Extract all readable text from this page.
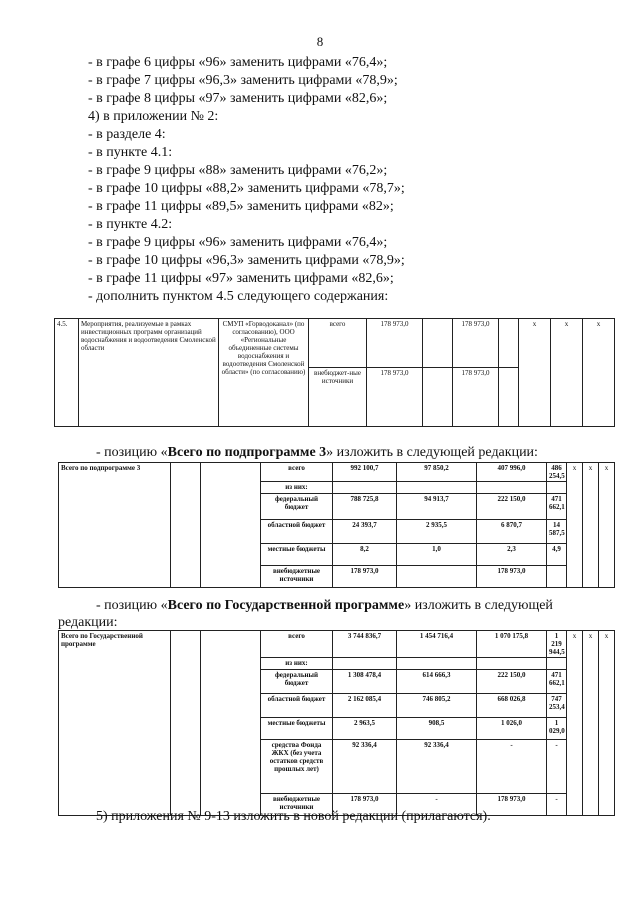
8
- в графе 6 цифры «96» заменить цифрами «76,4»;
- в графе 7 цифры «96,3» заменить цифрами «78,9»;
- в графе 8 цифры «97» заменить цифрами «82,6»;
4) в приложении № 2:
- в разделе 4:
- в пункте 4.1:
- в графе 9 цифры «88» заменить цифрами «76,2»;
- в графе 10 цифры «88,2» заменить цифрами «78,7»;
- в графе 11 цифры «89,5» заменить цифрами «82»;
- в пункте 4.2:
- в графе 9 цифры «96» заменить цифрами «76,4»;
- в графе 10 цифры «96,3» заменить цифрами «78,9»;
- в графе 11 цифры «97» заменить цифрами «82,6»;
- дополнить пунктом 4.5 следующего содержания:
4.5.	Мероприятия, реализуемые в рамках инвестиционных программ организаций водоснабжения и водоотведения Смоленской области	СМУП «Горводоканал» (по согласованию), ООО «Региональные объединенные системы водоснабжения и водоотведения Смоленской области» (по согласованию)	всего	178 973,0		178 973,0		х	х	х
			внебюджет-ные источники	178 973,0		178 973,0				
- позицию «Всего по подпрограмме 3» изложить в следующей редакции:
Всего по подпрограмме 3			всего	992 100,7	97 850,2	407 996,0	486 254,5	х	х	х
			из них:							
			федеральный бюджет	788 725,8	94 913,7	222 150,0	471 662,1			
			областной бюджет	24 393,7	2 935,5	6 870,7	14 587,5			
			местные бюджеты	8,2	1,0	2,3	4,9			
			внебюджетные источники	178 973,0		178 973,0				
- позицию «Всего по Государственной программе» изложить в следующей
редакции:
Всего по Государственной программе			всего	3 744 836,7	1 454 716,4	1 070 175,8	1 219 944,5	х	х	х
			из них:							
			федеральный бюджет	1 308 478,4	614 666,3	222 150,0	471 662,1			
			областной бюджет	2 162 085,4	746 805,2	668 026,8	747 253,4			
			местные бюджеты	2 963,5	908,5	1 026,0	1 029,0			
			средства Фонда ЖКХ (без учета остатков средств прошлых лет)	92 336,4	92 336,4	-	-			
			внебюджетные источники	178 973,0	-	178 973,0	-			
5) приложения № 9-13 изложить в новой редакции (прилагаются).
